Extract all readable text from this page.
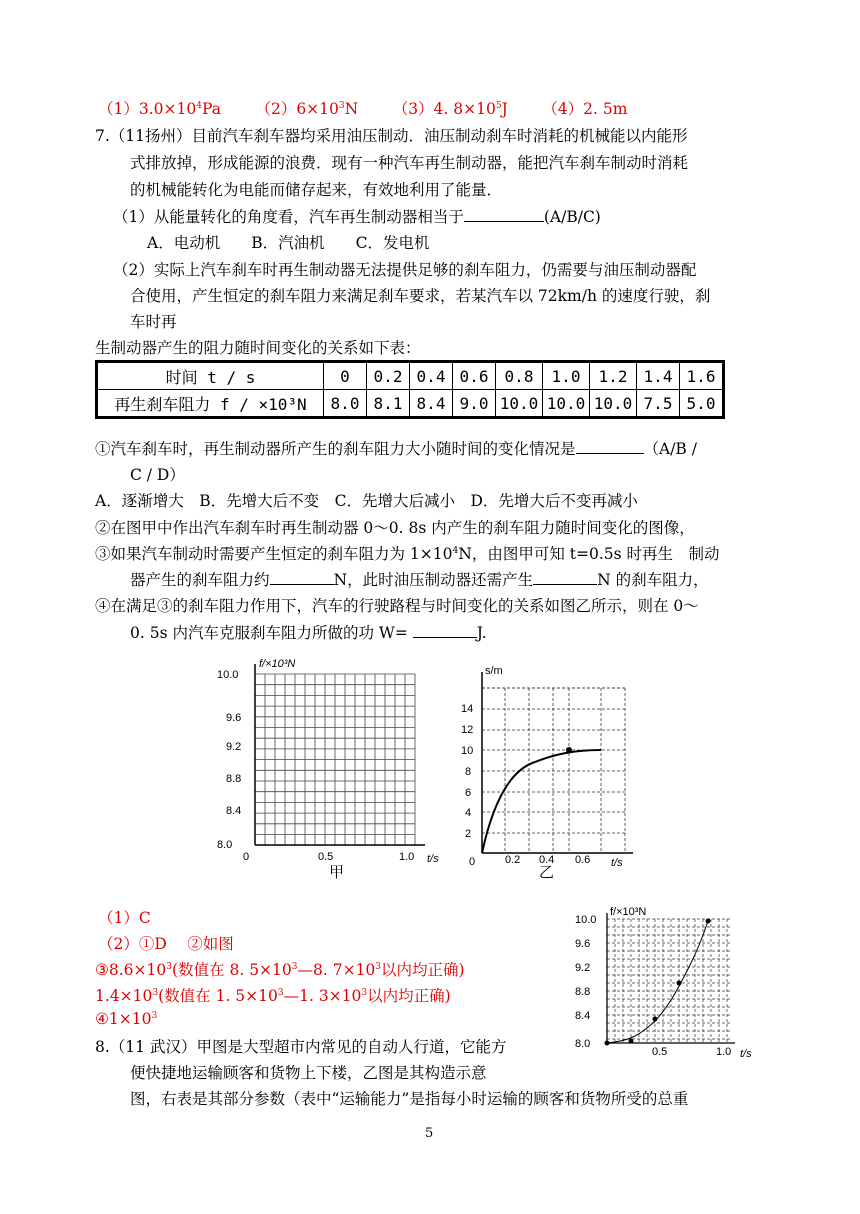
$(1)3.0\times 10^4Pa$ $(2)6\times 10^3N$ （3）4. $8\times 10^5J$ （4）2. 5m
7.（11扬州）目前汽车刹车器均采用油压制动．油压制动刹车时消耗的机械能以内能形
式排放掉，形成能源的浪费．现有一种汽车再生制动器，能把汽车刹车制动时消耗
的机械能转化为电能而储存起来，有效地利用了能量．
（1）从能量转化的角度看，汽车再生制动器相当于	(A/B/C)
A．电动机　　B．汽油机　　C．发电机
（2）实际上汽车刹车时再生制动器无法提供足够的刹车阻力，仍需要与油压制动器配
合使用，产生恒定的刹车阻力来满足刹车要求，若某汽车以 72km/h 的速度行驶，刹
车时再
生制动器产生的阻力随时间变化的关系如下表：
时间 t / s	0	0.2	0.4	0.6	0.8	1.0	1.2	1.4	1.6
再生刹车阻力 f / ×10³N	8.0	8.1	8.4	9.0	10.0	10.0	10.0	7.5	5.0
①汽车刹车时，再生制动器所产生的刹车阻力大小随时间的变化情况是	（A/B /
C / D）
A．逐渐增大　B．先增大后不变　C．先增大后减小　D．先增大后不变再减小
②在图甲中作出汽车刹车时再生制动器 0～0. 8s 内产生的刹车阻力随时间变化的图像，
③如果汽车制动时需要产生恒定的刹车阻力为 $1\times 10^4N$，由图甲可知 t=0.5s 时再生　制动
器产生的刹车阻力约	N，此时油压制动器还需产生	N 的刹车阻力，
④在满足③的刹车阻力作用下，汽车的行驶路程与时间变化的关系如图乙所示，则在 0～
0. 5s 内汽车克服刹车阻力所做的功 W=	J.
f/×10³N
10.0
9.6
9.2
8.8
8.4
8.0
0	0.5	1.0 t/s
甲
s/m
14
12
10
8
6
4
2
0	0.2 0.4 0.6 t/s
乙
（1）C
（2）①D　 ②如图
$③8.6\times 10^3$(数值在 8. $5\times 10^3—8$. $7\times 10^3$以内均正确)
$1.4\times 10^3$(数值在 1. $5\times 10^3—1$. $3\times 10^3$以内均正确)
$④1\times 10^3$
f/×10³N
10.0
9.6
9.2
8.8
8.4
8.0
0.5	1.0 t/s
8.（11 武汉）甲图是大型超市内常见的自动人行道，它能方
便快捷地运输顾客和货物上下楼，乙图是其构造示意
图，右表是其部分参数（表中“运输能力”是指每小时运输的顾客和货物所受的总重
5
